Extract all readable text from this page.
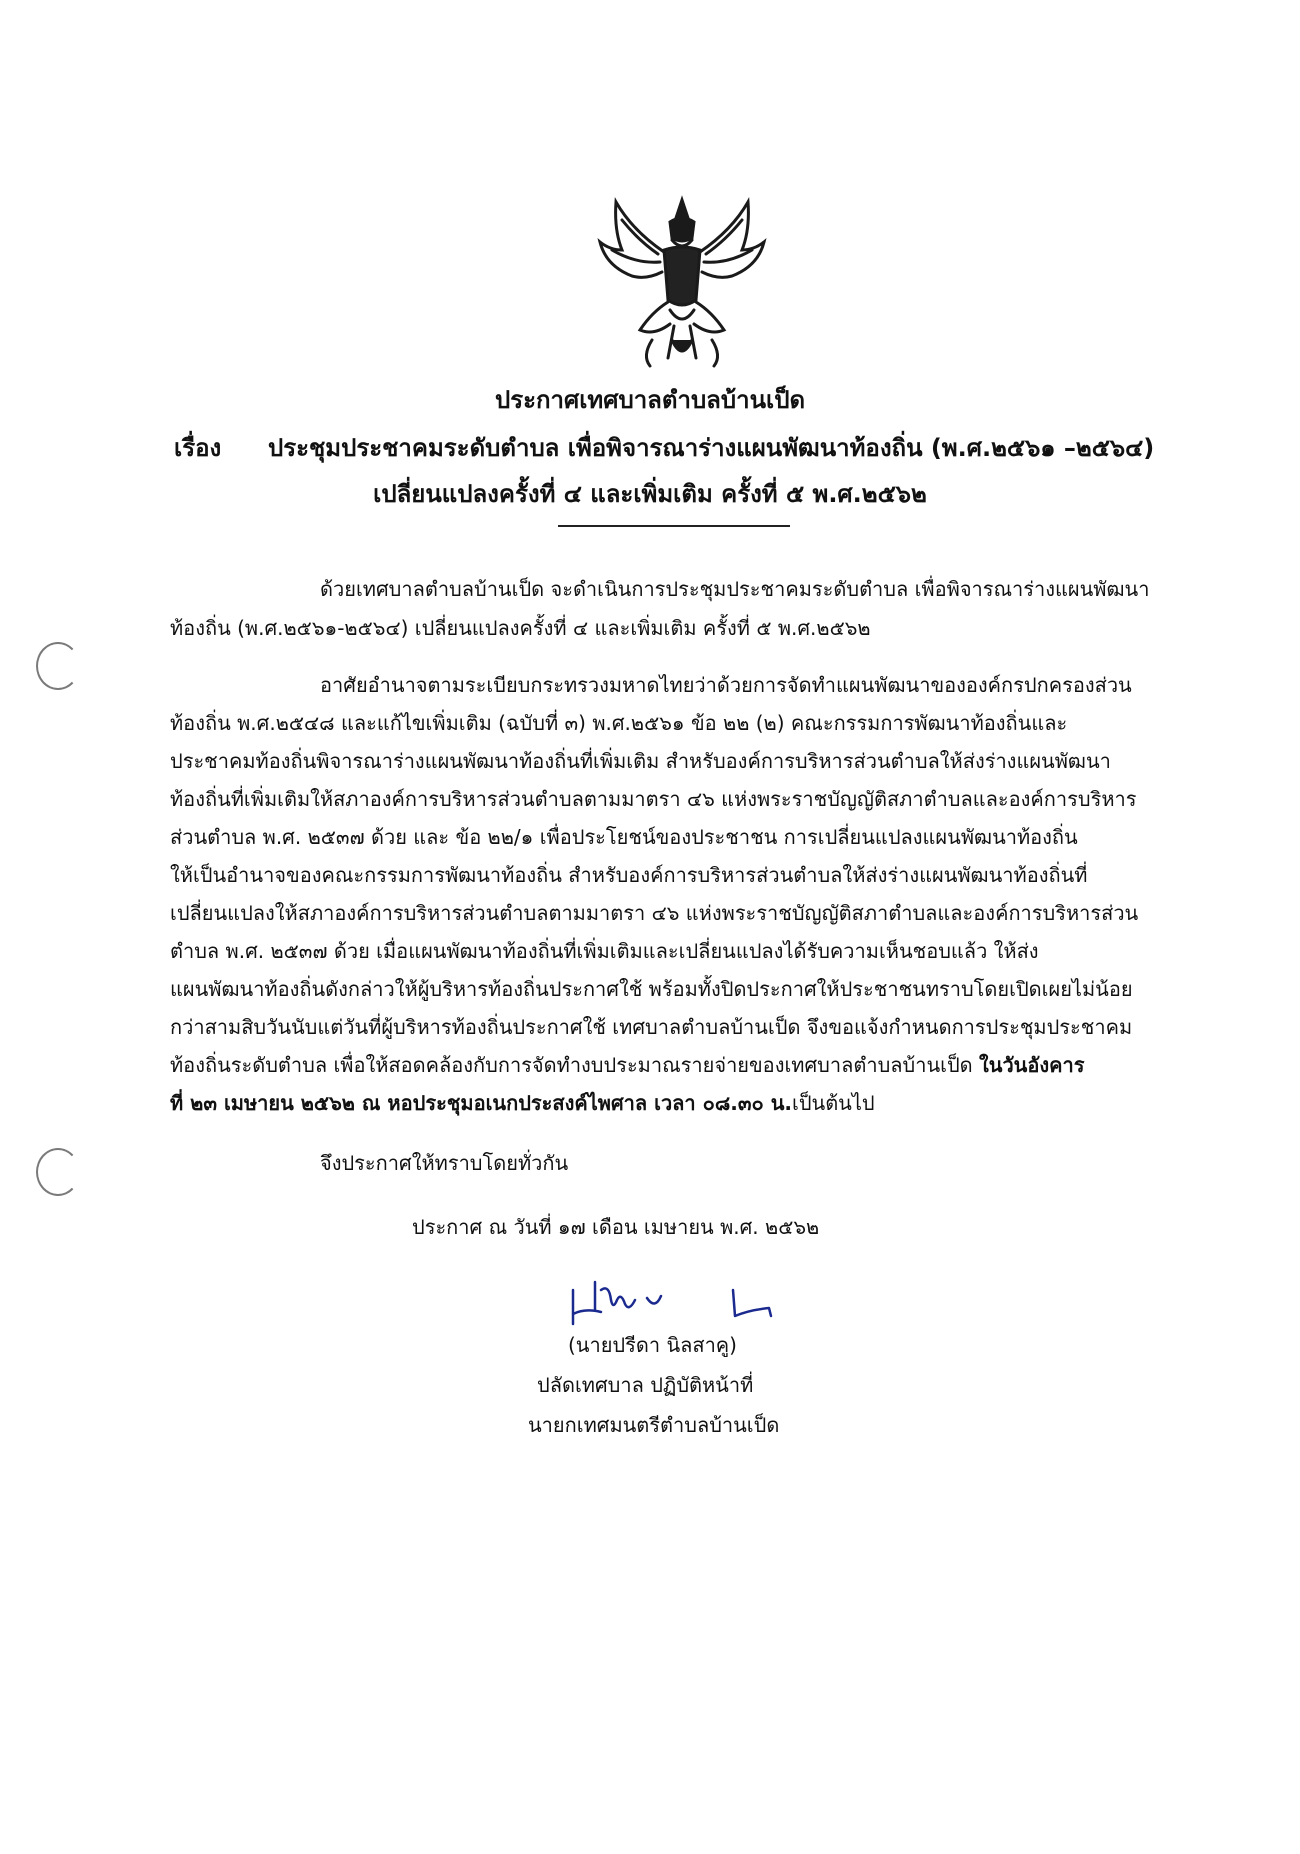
ประกาศเทศบาลตำบลบ้านเป็ด
เรื่อง ประชุมประชาคมระดับตำบล เพื่อพิจารณาร่างแผนพัฒนาท้องถิ่น (พ.ศ.๒๕๖๑ –๒๕๖๔)
เปลี่ยนแปลงครั้งที่ ๔ และเพิ่มเติม ครั้งที่ ๕ พ.ศ.๒๕๖๒
ด้วยเทศบาลตำบลบ้านเป็ด จะดำเนินการประชุมประชาคมระดับตำบล เพื่อพิจารณาร่างแผนพัฒนา
ท้องถิ่น (พ.ศ.๒๕๖๑-๒๕๖๔) เปลี่ยนแปลงครั้งที่ ๔ และเพิ่มเติม ครั้งที่ ๕ พ.ศ.๒๕๖๒
อาศัยอำนาจตามระเบียบกระทรวงมหาดไทยว่าด้วยการจัดทำแผนพัฒนาขององค์กรปกครองส่วน
ท้องถิ่น พ.ศ.๒๕๔๘ และแก้ไขเพิ่มเติม (ฉบับที่ ๓) พ.ศ.๒๕๖๑ ข้อ ๒๒ (๒) คณะกรรมการพัฒนาท้องถิ่นและ
ประชาคมท้องถิ่นพิจารณาร่างแผนพัฒนาท้องถิ่นที่เพิ่มเติม สำหรับองค์การบริหารส่วนตำบลให้ส่งร่างแผนพัฒนา
ท้องถิ่นที่เพิ่มเติมให้สภาองค์การบริหารส่วนตำบลตามมาตรา ๔๖ แห่งพระราชบัญญัติสภาตำบลและองค์การบริหาร
ส่วนตำบล พ.ศ. ๒๕๓๗ ด้วย และ ข้อ ๒๒/๑ เพื่อประโยชน์ของประชาชน การเปลี่ยนแปลงแผนพัฒนาท้องถิ่น
ให้เป็นอำนาจของคณะกรรมการพัฒนาท้องถิ่น สำหรับองค์การบริหารส่วนตำบลให้ส่งร่างแผนพัฒนาท้องถิ่นที่
เปลี่ยนแปลงให้สภาองค์การบริหารส่วนตำบลตามมาตรา ๔๖ แห่งพระราชบัญญัติสภาตำบลและองค์การบริหารส่วน
ตำบล พ.ศ. ๒๕๓๗ ด้วย เมื่อแผนพัฒนาท้องถิ่นที่เพิ่มเติมและเปลี่ยนแปลงได้รับความเห็นชอบแล้ว ให้ส่ง
แผนพัฒนาท้องถิ่นดังกล่าวให้ผู้บริหารท้องถิ่นประกาศใช้ พร้อมทั้งปิดประกาศให้ประชาชนทราบโดยเปิดเผยไม่น้อย
กว่าสามสิบวันนับแต่วันที่ผู้บริหารท้องถิ่นประกาศใช้ เทศบาลตำบลบ้านเป็ด จึงขอแจ้งกำหนดการประชุมประชาคม
ท้องถิ่นระดับตำบล เพื่อให้สอดคล้องกับการจัดทำงบประมาณรายจ่ายของเทศบาลตำบลบ้านเป็ด ในวันอังคาร
ที่ ๒๓ เมษายน ๒๕๖๒ ณ หอประชุมอเนกประสงค์ไพศาล เวลา ๐๘.๓๐ น.เป็นต้นไป
จึงประกาศให้ทราบโดยทั่วกัน
ประกาศ ณ วันที่ ๑๗ เดือน เมษายน พ.ศ. ๒๕๖๒
(นายปรีดา นิลสาคู)
ปลัดเทศบาล ปฏิบัติหน้าที่
นายกเทศมนตรีตำบลบ้านเป็ด
